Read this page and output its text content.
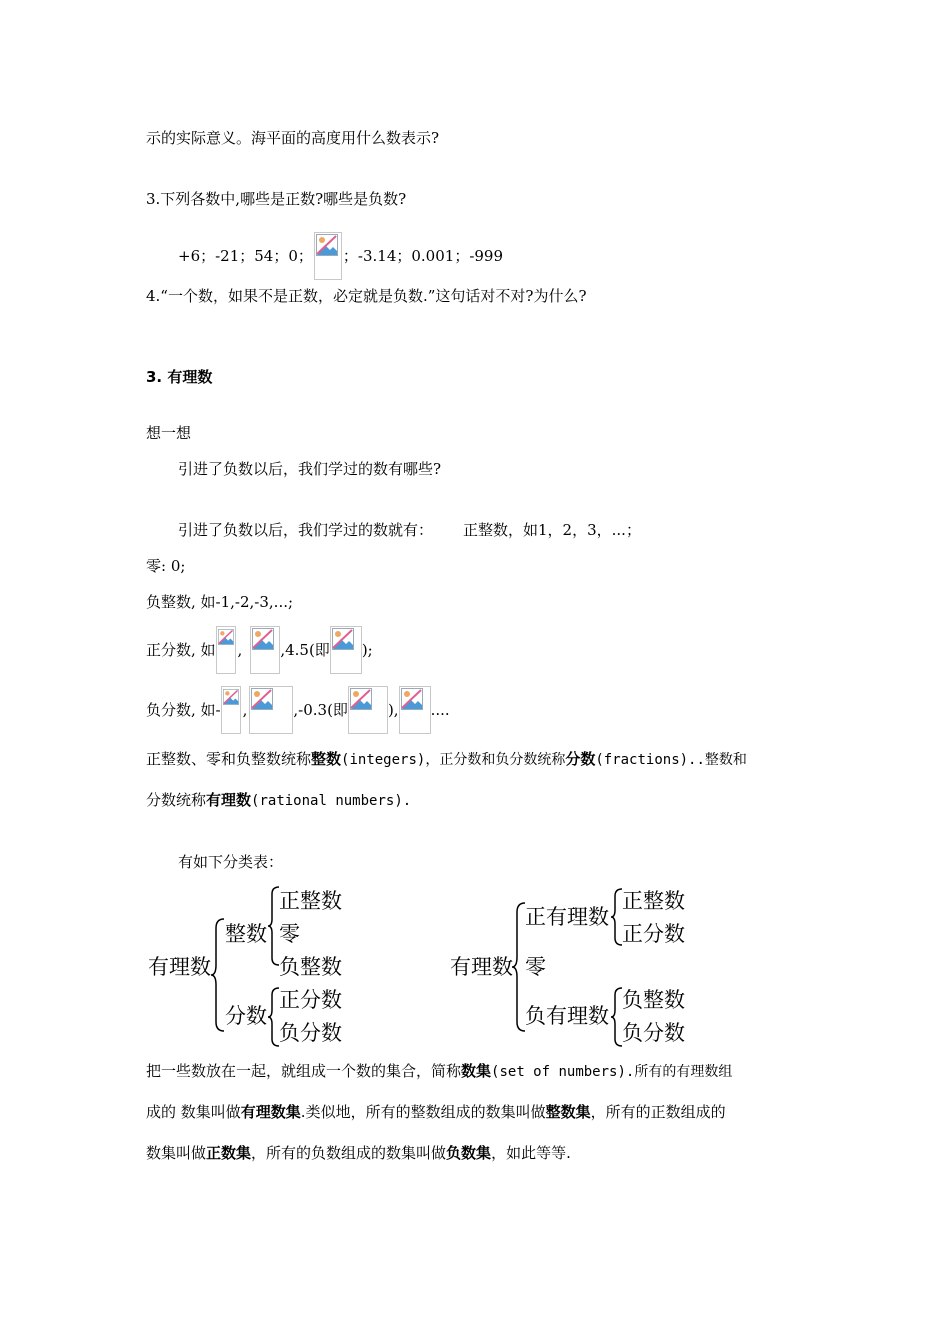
示的实际意义。海平面的高度用什么数表示?
3.下列各数中,哪些是正数?哪些是负数?
+6；-21；54；0； ；-3.14；0.001；-999
4.“一个数，如果不是正数，必定就是负数.”这句话对不对?为什么?
3. 有理数
想一想
引进了负数以后，我们学过的数有哪些?
引进了负数以后，我们学过的数就有： 正整数，如1，2，3，...；
零: 0;
负整数, 如-1,-2,-3,...;
正分数, 如 ,	,4.5(即 );
负分数, 如- ,	,-0.3(即	), ....
正整数、零和负整数统称整数(integers)，正分数和负分数统称分数(fractions)..整数和
分数统称有理数(rational numbers).
有如下分类表：
有理数
整数
分数
正整数
零
负整数
正分数
负分数
有理数
正有理数
零
负有理数
正整数
正分数
负整数
负分数
把一些数放在一起，就组成一个数的集合，简称数集(set of numbers).所有的有理数组
成的 数集叫做有理数集.类似地，所有的整数组成的数集叫做整数集，所有的正数组成的
数集叫做正数集，所有的负数组成的数集叫做负数集，如此等等.
